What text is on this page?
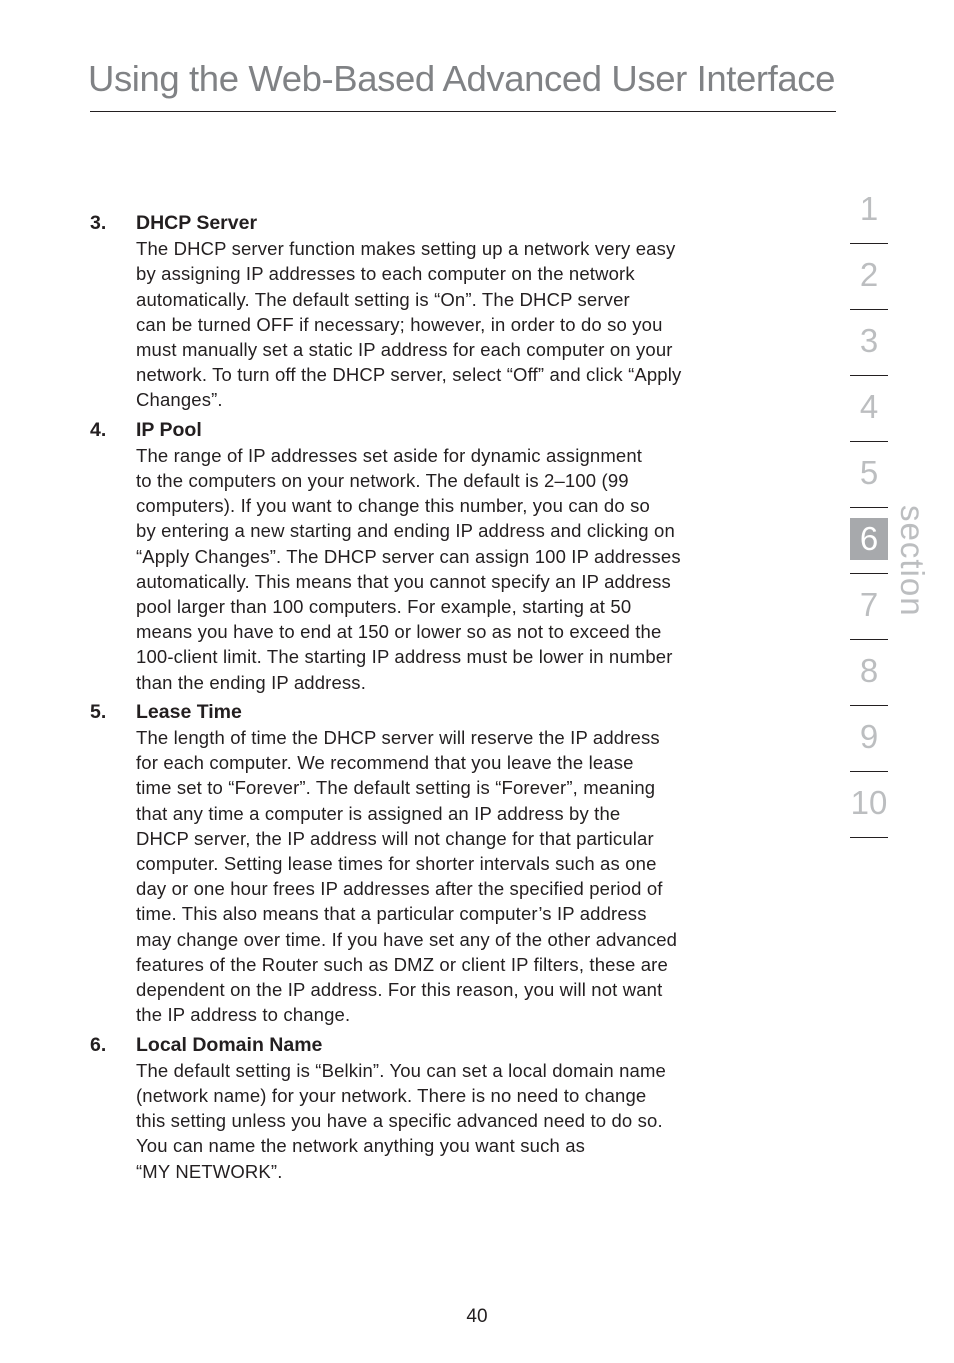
Using the Web-Based Advanced User Interface
3. DHCP Server
The DHCP server function makes setting up a network very easy
by assigning IP addresses to each computer on the network
automatically. The default setting is “On”. The DHCP server
can be turned OFF if necessary; however, in order to do so you
must manually set a static IP address for each computer on your
network. To turn off the DHCP server, select “Off” and click “Apply
Changes”.
4. IP Pool
The range of IP addresses set aside for dynamic assignment
to the computers on your network. The default is 2–100 (99
computers). If you want to change this number, you can do so
by entering a new starting and ending IP address and clicking on
“Apply Changes”. The DHCP server can assign 100 IP addresses
automatically. This means that you cannot specify an IP address
pool larger than 100 computers. For example, starting at 50
means you have to end at 150 or lower so as not to exceed the
100-client limit. The starting IP address must be lower in number
than the ending IP address.
5. Lease Time
The length of time the DHCP server will reserve the IP address
for each computer. We recommend that you leave the lease
time set to “Forever”. The default setting is “Forever”, meaning
that any time a computer is assigned an IP address by the
DHCP server, the IP address will not change for that particular
computer. Setting lease times for shorter intervals such as one
day or one hour frees IP addresses after the specified period of
time. This also means that a particular computer’s IP address
may change over time. If you have set any of the other advanced
features of the Router such as DMZ or client IP filters, these are
dependent on the IP address. For this reason, you will not want
the IP address to change.
6. Local Domain Name
The default setting is “Belkin”. You can set a local domain name
(network name) for your network. There is no need to change
this setting unless you have a specific advanced need to do so.
You can name the network anything you want such as
“MY NETWORK”.
1
2
3
4
5
6
7
8
9
10
section
40
